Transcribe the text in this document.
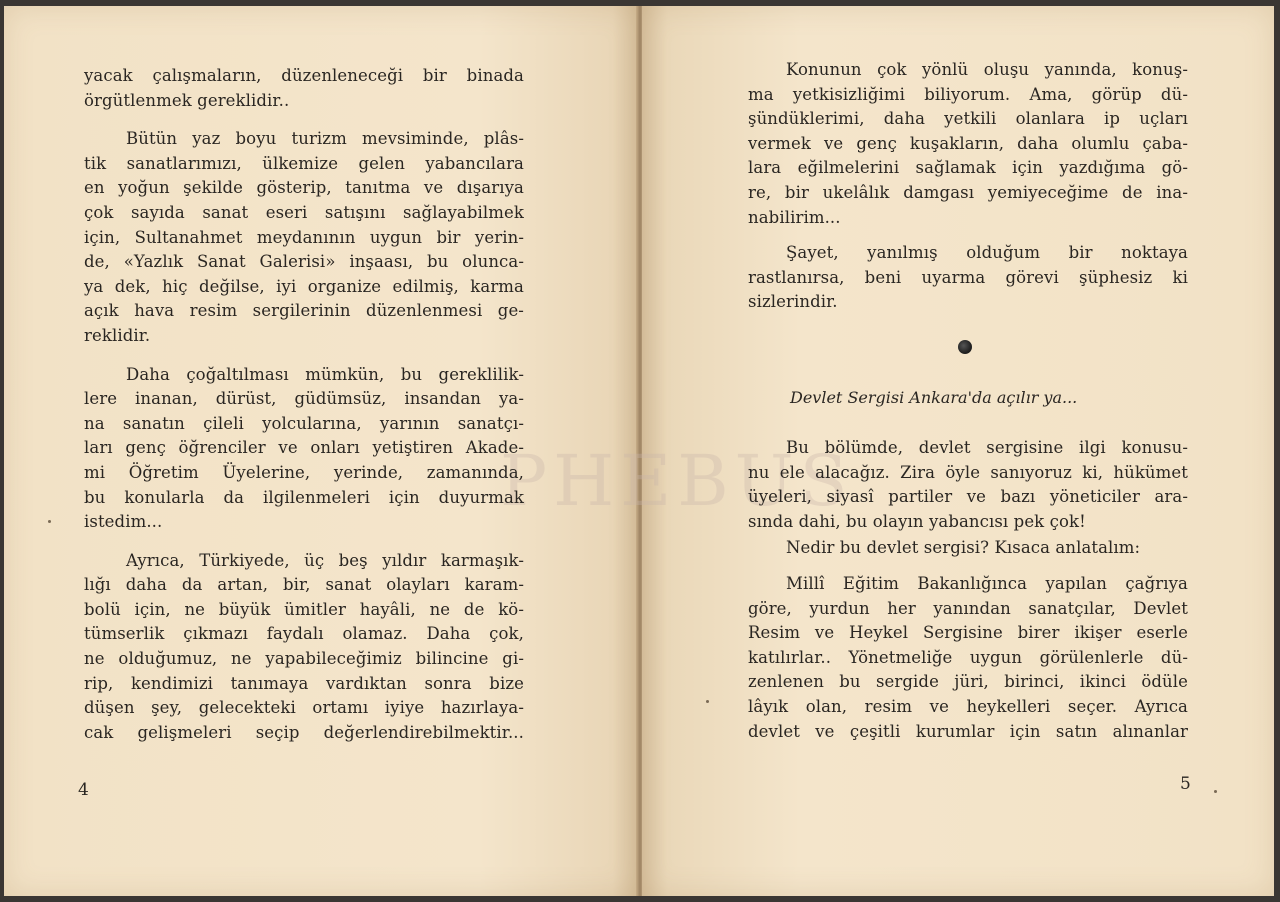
PHEBUS
yacak çalışmaların, düzenleneceği bir binada
örgütlenmek gereklidir..
Bütün yaz boyu turizm mevsiminde, plâs-
tik sanatlarımızı, ülkemize gelen yabancılara
en yoğun şekilde gösterip, tanıtma ve dışarıya
çok sayıda sanat eseri satışını sağlayabilmek
için, Sultanahmet meydanının uygun bir yerin-
de, «Yazlık Sanat Galerisi» inşaası, bu olunca-
ya dek, hiç değilse, iyi organize edilmiş, karma
açık hava resim sergilerinin düzenlenmesi ge-
reklidir.
Daha çoğaltılması mümkün, bu gereklilik-
lere inanan, dürüst, güdümsüz, insandan ya-
na sanatın çileli yolcularına, yarının sanatçı-
ları genç öğrenciler ve onları yetiştiren Akade-
mi Öğretim Üyelerine, yerinde, zamanında,
bu konularla da ilgilenmeleri için duyurmak
istedim...
Ayrıca, Türkiyede, üç beş yıldır karmaşık-
lığı daha da artan, bir, sanat olayları karam-
bolü için, ne büyük ümitler hayâli, ne de kö-
tümserlik çıkmazı faydalı olamaz. Daha çok,
ne olduğumuz, ne yapabileceğimiz bilincine gi-
rip, kendimizi tanımaya vardıktan sonra bize
düşen şey, gelecekteki ortamı iyiye hazırlaya-
cak gelişmeleri seçip değerlendirebilmektir...
4
Konunun çok yönlü oluşu yanında, konuş-
ma yetkisizliğimi biliyorum. Ama, görüp dü-
şündüklerimi, daha yetkili olanlara ip uçları
vermek ve genç kuşakların, daha olumlu çaba-
lara eğilmelerini sağlamak için yazdığıma gö-
re, bir ukelâlık damgası yemiyeceğime de ina-
nabilirim...
Şayet, yanılmış olduğum bir noktaya
rastlanırsa, beni uyarma görevi şüphesiz ki
sizlerindir.
Devlet Sergisi Ankara'da açılır ya...
Bu bölümde, devlet sergisine ilgi konusu-
nu ele alacağız. Zira öyle sanıyoruz ki, hükümet
üyeleri, siyasî partiler ve bazı yöneticiler ara-
sında dahi, bu olayın yabancısı pek çok!
Nedir bu devlet sergisi? Kısaca anlatalım:
Millî Eğitim Bakanlığınca yapılan çağrıya
göre, yurdun her yanından sanatçılar, Devlet
Resim ve Heykel Sergisine birer ikişer eserle
katılırlar.. Yönetmeliğe uygun görülenlerle dü-
zenlenen bu sergide jüri, birinci, ikinci ödüle
lâyık olan, resim ve heykelleri seçer. Ayrıca
devlet ve çeşitli kurumlar için satın alınanlar
5
